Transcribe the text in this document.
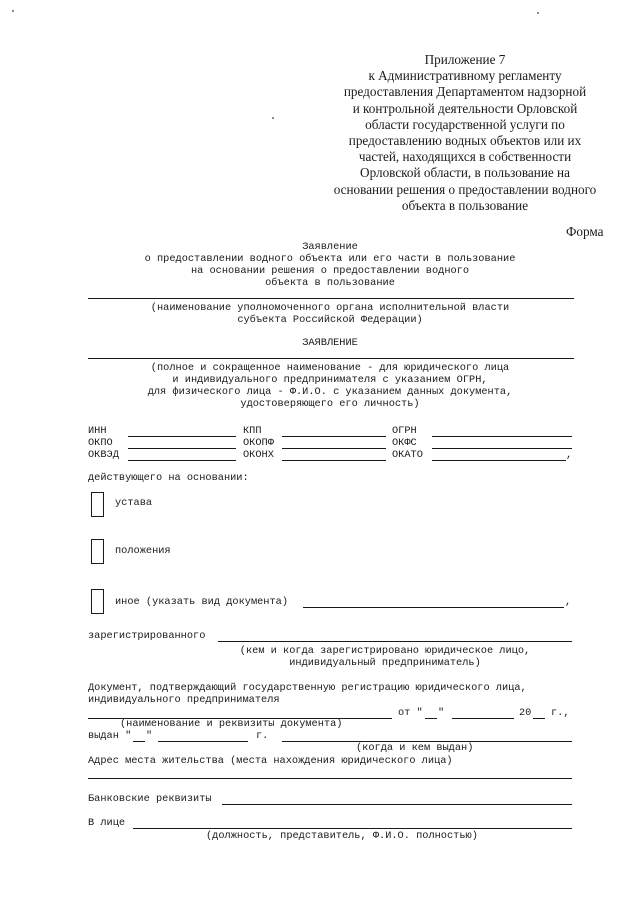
Приложение 7
к Административному регламенту
предоставления Департаментом надзорной
и контрольной деятельности Орловской
области государственной услуги по
предоставлению водных объектов или их
частей, находящихся в собственности
Орловской области, в пользование на
основании решения о предоставлении водного
объекта в пользование
Форма
Заявление
о предоставлении водного объекта или его части в пользование
на основании решения о предоставлении водного
объекта в пользование
(наименование уполномоченного органа исполнительной власти
субъекта Российской Федерации)
ЗАЯВЛЕНИЕ
(полное и сокращенное наименование - для юридического лица
и индивидуального предпринимателя с указанием ОГРН,
для физического лица - Ф.И.О. с указанием данных документа,
удостоверяющего его личность)
ИНН	КПП	ОГРН
ОКПО	ОКОПФ	ОКФС
ОКВЭД	ОКОНХ	ОКАТО	,
действующего на основании:
устава
положения
иное (указать вид документа)	,
зарегистрированного
(кем и когда зарегистрировано юридическое лицо,
индивидуальный предприниматель)
Документ, подтверждающий государственную регистрацию юридического лица,
индивидуального предпринимателя
от " "	20 г.,
(наименование и реквизиты документа)
выдан " "	г.
(когда и кем выдан)
Адрес места жительства (места нахождения юридического лица)
Банковские реквизиты
В лице
(должность, представитель, Ф.И.О. полностью)
